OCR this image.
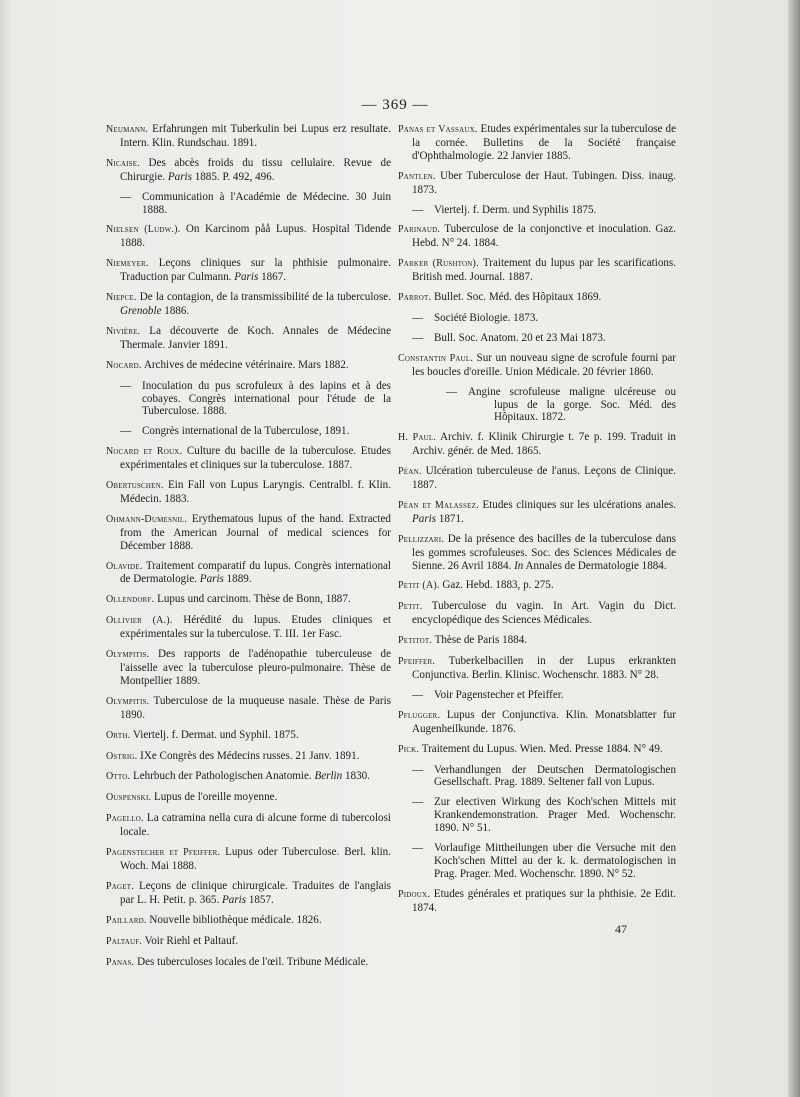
— 369 —
Neumann. Erfahrungen mit Tuberkulin bei Lupus erz resultate. Intern. Klin. Rundschau. 1891.
Nicaise. Des abcès froids du tissu cellulaire. Revue de Chirurgie. Paris 1885. P. 492, 496.
— Communication à l'Académie de Médecine. 30 Juin 1888.
Nielsen (Ludw.). On Karcinom påå Lupus. Hospital Tidende 1888.
Niemeyer. Leçons cliniques sur la phthisie pulmonaire. Traduction par Culmann. Paris 1867.
Niepce. De la contagion, de la transmissibilité de la tuberculose. Grenoble 1886.
Nivière. La découverte de Koch. Annales de Médecine Thermale. Janvier 1891.
Nocard. Archives de médecine vétérinaire. Mars 1882.
— Inoculation du pus scrofuleux à des lapins et à des cobayes. Congrès international pour l'étude de la Tuberculose. 1888.
— Congrès international de la Tuberculose, 1891.
Nocard et Roux. Culture du bacille de la tuberculose. Etudes expérimentales et cliniques sur la tuberculose. 1887.
Obertuschen. Ein Fall von Lupus Laryngis. Centralbl. f. Klin. Médecin. 1883.
Ohmann-Dumesnil. Erythematous lupus of the hand. Extracted from the American Journal of medical sciences for Décember 1888.
Olavide. Traitement comparatif du lupus. Congrès international de Dermatologie. Paris 1889.
Ollendorf. Lupus und carcinom. Thèse de Bonn, 1887.
Ollivier (A.). Hérédité du lupus. Etudes cliniques et expérimentales sur la tuberculose. T. III. 1er Fasc.
Olympitis. Des rapports de l'adénopathie tuberculeuse de l'aisselle avec la tuberculose pleuro-pulmonaire. Thèse de Montpellier 1889.
Olympitis. Tuberculose de la muqueuse nasale. Thèse de Paris 1890.
Orth. Viertelj. f. Dermat. und Syphil. 1875.
Ostrig. IXe Congrès des Médecins russes. 21 Janv. 1891.
Otto. Lehrbuch der Pathologischen Anatomie. Berlin 1830.
Ouspenski. Lupus de l'oreille moyenne.
Pagello. La catramina nella cura di alcune forme di tubercolosi locale.
Pagenstecher et Pfeiffer. Lupus oder Tuberculose. Berl. klin. Woch. Mai 1888.
Paget. Leçons de clinique chirurgicale. Traduites de l'anglais par L. H. Petit. p. 365. Paris 1857.
Paillard. Nouvelle bibliothèque médicale. 1826.
Paltauf. Voir Riehl et Paltauf.
Panas. Des tuberculoses locales de l'œil. Tribune Médicale.
Panas et Vassaux. Etudes expérimentales sur la tuberculose de la cornée. Bulletins de la Société française d'Ophthalmologie. 22 Janvier 1885.
Pantlen. Uber Tuberculose der Haut. Tubingen. Diss. inaug. 1873.
— Viertelj. f. Derm. und Syphilis 1875.
Parinaud. Tuberculose de la conjonctive et inoculation. Gaz. Hebd. N° 24. 1884.
Parker (Rushton). Traitement du lupus par les scarifications. British med. Journal. 1887.
Parrot. Bullet. Soc. Méd. des Hôpitaux 1869.
— Société Biologie. 1873.
— Bull. Soc. Anatom. 20 et 23 Mai 1873.
Constantin Paul. Sur un nouveau signe de scrofule fourni par les boucles d'oreille. Union Médicale. 20 février 1860.
— Angine scrofuleuse maligne ulcéreuse ou lupus de la gorge. Soc. Méd. des Hôpitaux. 1872.
H. Paul. Archiv. f. Klinik Chirurgie t. 7e p. 199. Traduit in Archiv. génér. de Med. 1865.
Péan. Ulcération tuberculeuse de l'anus. Leçons de Clinique. 1887.
Péan et Malassez. Etudes cliniques sur les ulcérations anales. Paris 1871.
Pellizzari. De la présence des bacilles de la tuberculose dans les gommes scrofuleuses. Soc. des Sciences Médicales de Sienne. 26 Avril 1884. In Annales de Dermatologie 1884.
Petit (A). Gaz. Hebd. 1883, p. 275.
Petit. Tuberculose du vagin. In Art. Vagin du Dict. encyclopédique des Sciences Médicales.
Petitot. Thèse de Paris 1884.
Pfeiffer. Tuberkelbacillen in der Lupus erkrankten Conjunctiva. Berlin. Klinisc. Wochenschr. 1883. N° 28.
— Voir Pagenstecher et Pfeiffer.
Pflugger. Lupus der Conjunctiva. Klin. Monatsblatter fur Augenheilkunde. 1876.
Pick. Traitement du Lupus. Wien. Med. Presse 1884. N° 49.
— Verhandlungen der Deutschen Dermatologischen Gesellschaft. Prag. 1889. Seltener fall von Lupus.
— Zur electiven Wirkung des Koch'schen Mittels mit Krankendemonstration. Prager Med. Wochenschr. 1890. N° 51.
— Vorlaufige Mittheilungen uber die Versuche mit den Koch'schen Mittel au der k. k. dermatologischen in Prag. Prager. Med. Wochenschr. 1890. N° 52.
Pidoux. Etudes générales et pratiques sur la phthisie. 2e Edit. 1874.
47
